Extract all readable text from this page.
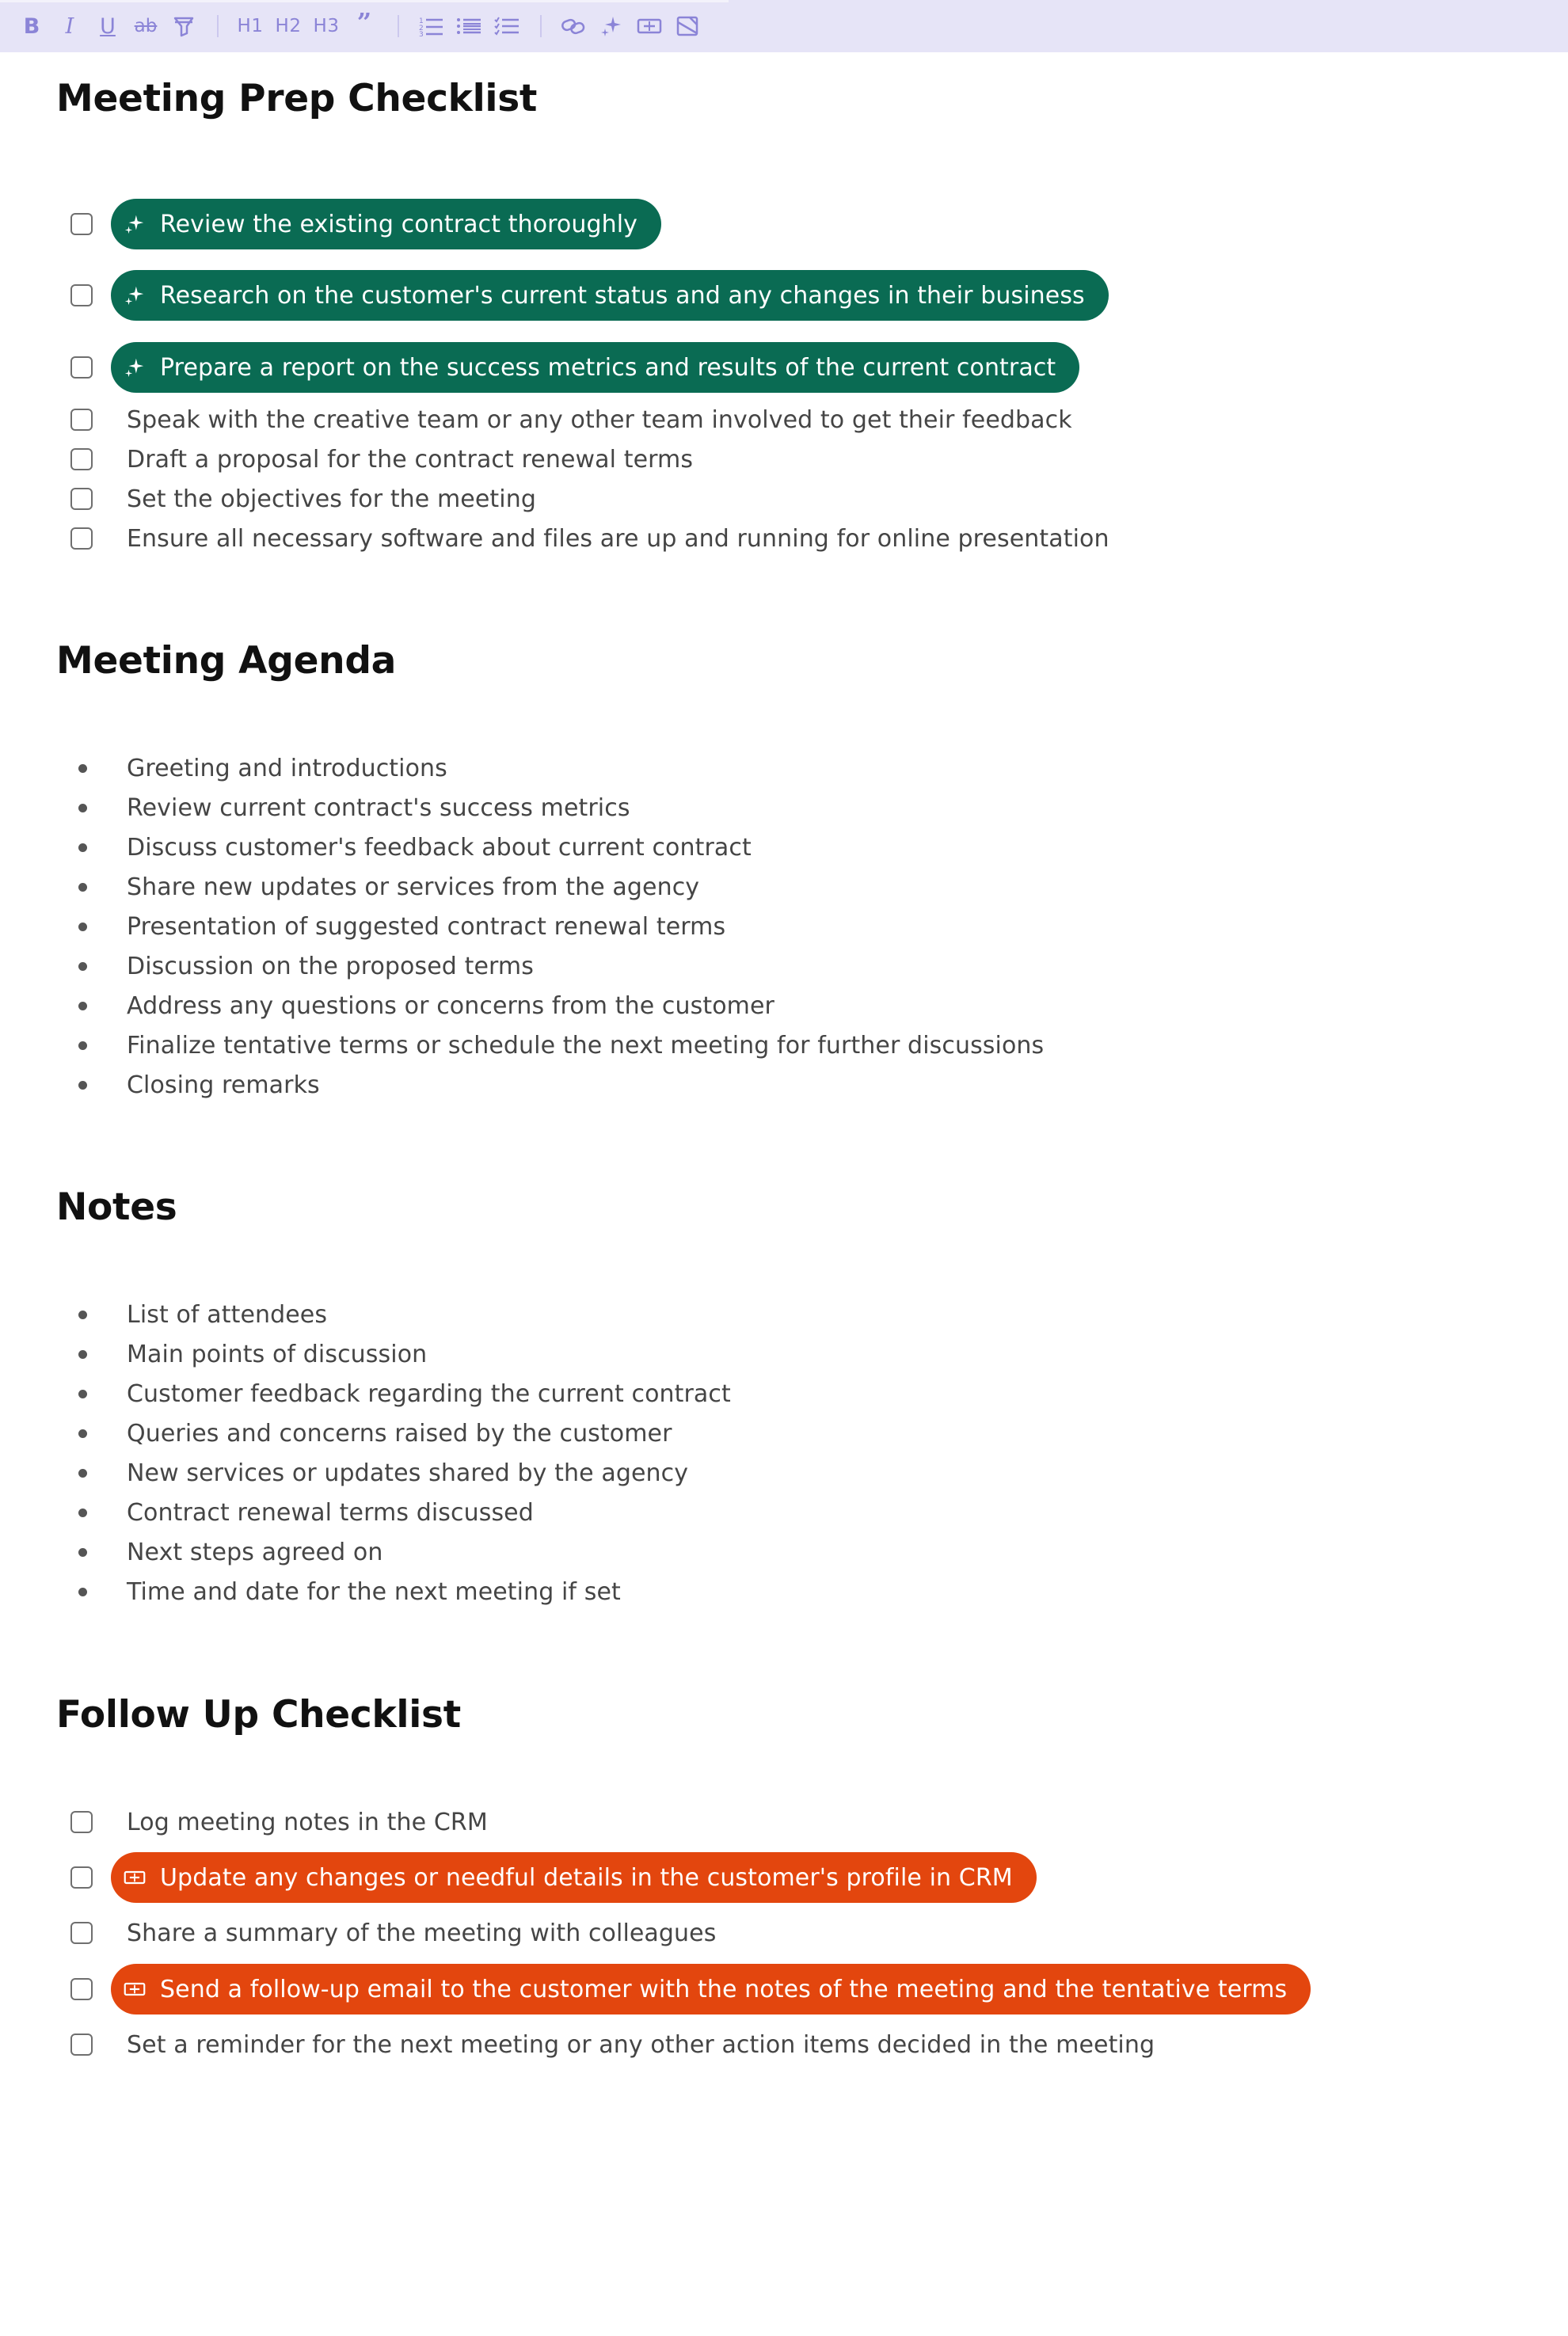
B I U ab	H1 H2 H3 ”	1
2
3
Meeting Prep Checklist
Review the existing contract thoroughly
Research on the customer's current status and any changes in their business
Prepare a report on the success metrics and results of the current contract
Speak with the creative team or any other team involved to get their feedback
Draft a proposal for the contract renewal terms
Set the objectives for the meeting
Ensure all necessary software and files are up and running for online presentation
Meeting Agenda
Greeting and introductions
Review current contract's success metrics
Discuss customer's feedback about current contract
Share new updates or services from the agency
Presentation of suggested contract renewal terms
Discussion on the proposed terms
Address any questions or concerns from the customer
Finalize tentative terms or schedule the next meeting for further discussions
Closing remarks
Notes
List of attendees
Main points of discussion
Customer feedback regarding the current contract
Queries and concerns raised by the customer
New services or updates shared by the agency
Contract renewal terms discussed
Next steps agreed on
Time and date for the next meeting if set
Follow Up Checklist
Log meeting notes in the CRM
Update any changes or needful details in the customer's profile in CRM
Share a summary of the meeting with colleagues
Send a follow-up email to the customer with the notes of the meeting and the tentative terms
Set a reminder for the next meeting or any other action items decided in the meeting
